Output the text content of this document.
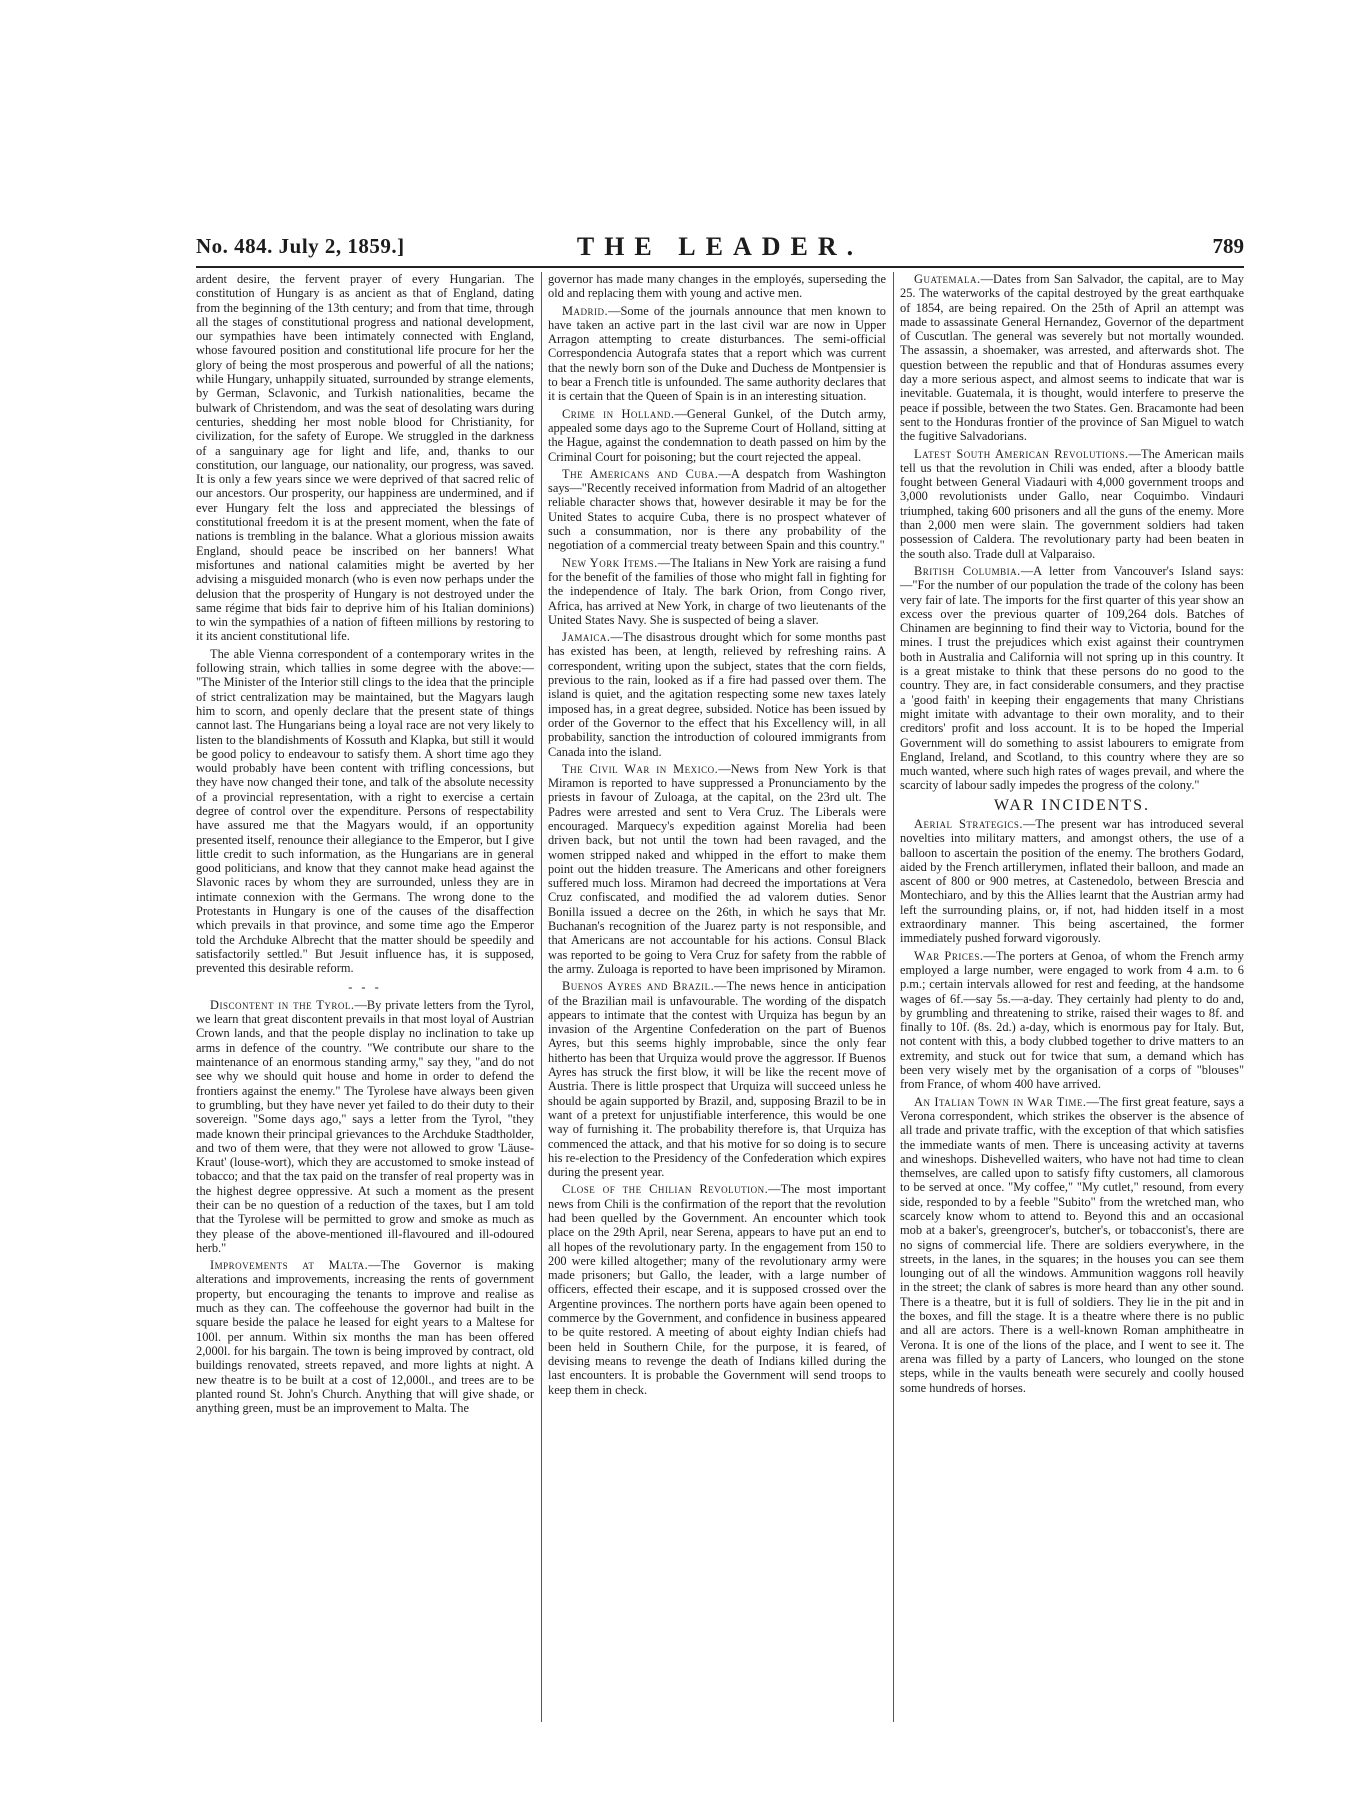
No. 484. July 2, 1859.]	THE LEADER.	789

ardent desire, the fervent prayer of every Hungarian. The constitution of Hungary is as ancient as that of England, dating from the beginning of the 13th century; and from that time, through all the stages of constitutional progress and national development, our sympathies have been intimately connected with England, whose favoured position and constitutional life procure for her the glory of being the most prosperous and powerful of all the nations; while Hungary, unhappily situated, surrounded by strange elements, by German, Sclavonic, and Turkish nationalities, became the bulwark of Christendom, and was the seat of desolating wars during centuries, shedding her most noble blood for Christianity, for civilization, for the safety of Europe. We struggled in the darkness of a sanguinary age for light and life, and, thanks to our constitution, our language, our nationality, our progress, was saved. It is only a few years since we were deprived of that sacred relic of our ancestors. Our prosperity, our happiness are undermined, and if ever Hungary felt the loss and appreciated the blessings of constitutional freedom it is at the present moment, when the fate of nations is trembling in the balance. What a glorious mission awaits England, should peace be inscribed on her banners! What misfortunes and national calamities might be averted by her advising a misguided monarch (who is even now perhaps under the delusion that the prosperity of Hungary is not destroyed under the same régime that bids fair to deprive him of his Italian dominions) to win the sympathies of a nation of fifteen millions by restoring to it its ancient constitutional life.

The able Vienna correspondent of a contemporary writes in the following strain, which tallies in some degree with the above:— "The Minister of the Interior still clings to the idea that the principle of strict centralization may be maintained, but the Magyars laugh him to scorn, and openly declare that the present state of things cannot last. The Hungarians being a loyal race are not very likely to listen to the blandishments of Kossuth and Klapka, but still it would be good policy to endeavour to satisfy them. A short time ago they would probably have been content with trifling concessions, but they have now changed their tone, and talk of the absolute necessity of a provincial representation, with a right to exercise a certain degree of control over the expenditure. Persons of respectability have assured me that the Magyars would, if an opportunity presented itself, renounce their allegiance to the Emperor, but I give little credit to such information, as the Hungarians are in general good politicians, and know that they cannot make head against the Slavonic races by whom they are surrounded, unless they are in intimate connexion with the Germans. The wrong done to the Protestants in Hungary is one of the causes of the disaffection which prevails in that province, and some time ago the Emperor told the Archduke Albrecht that the matter should be speedily and satisfactorily settled." But Jesuit influence has, it is supposed, prevented this desirable reform.

- - -

Discontent in the Tyrol.—By private letters from the Tyrol, we learn that great discontent prevails in that most loyal of Austrian Crown lands, and that the people display no inclination to take up arms in defence of the country. "We contribute our share to the maintenance of an enormous standing army," say they, "and do not see why we should quit house and home in order to defend the frontiers against the enemy." The Tyrolese have always been given to grumbling, but they have never yet failed to do their duty to their sovereign. "Some days ago," says a letter from the Tyrol, "they made known their principal grievances to the Archduke Stadtholder, and two of them were, that they were not allowed to grow 'Läuse-Kraut' (louse-wort), which they are accustomed to smoke instead of tobacco; and that the tax paid on the transfer of real property was in the highest degree oppressive. At such a moment as the present their can be no question of a reduction of the taxes, but I am told that the Tyrolese will be permitted to grow and smoke as much as they please of the above-mentioned ill-flavoured and ill-odoured herb."

Improvements at Malta.—The Governor is making alterations and improvements, increasing the rents of government property, but encouraging the tenants to improve and realise as much as they can. The coffeehouse the governor had built in the square beside the palace he leased for eight years to a Maltese for 100l. per annum. Within six months the man has been offered 2,000l. for his bargain. The town is being improved by contract, old buildings renovated, streets repaved, and more lights at night. A new theatre is to be built at a cost of 12,000l., and trees are to be planted round St. John's Church. Anything that will give shade, or anything green, must be an improvement to Malta. The

governor has made many changes in the employés, superseding the old and replacing them with young and active men.

Madrid.—Some of the journals announce that men known to have taken an active part in the last civil war are now in Upper Arragon attempting to create disturbances. The semi-official Correspondencia Autografa states that a report which was current that the newly born son of the Duke and Duchess de Montpensier is to bear a French title is unfounded. The same authority declares that it is certain that the Queen of Spain is in an interesting situation.

Crime in Holland.—General Gunkel, of the Dutch army, appealed some days ago to the Supreme Court of Holland, sitting at the Hague, against the condemnation to death passed on him by the Criminal Court for poisoning; but the court rejected the appeal.

The Americans and Cuba.—A despatch from Washington says—"Recently received information from Madrid of an altogether reliable character shows that, however desirable it may be for the United States to acquire Cuba, there is no prospect whatever of such a consummation, nor is there any probability of the negotiation of a commercial treaty between Spain and this country."

New York Items.—The Italians in New York are raising a fund for the benefit of the families of those who might fall in fighting for the independence of Italy. The bark Orion, from Congo river, Africa, has arrived at New York, in charge of two lieutenants of the United States Navy. She is suspected of being a slaver.

Jamaica.—The disastrous drought which for some months past has existed has been, at length, relieved by refreshing rains. A correspondent, writing upon the subject, states that the corn fields, previous to the rain, looked as if a fire had passed over them. The island is quiet, and the agitation respecting some new taxes lately imposed has, in a great degree, subsided. Notice has been issued by order of the Governor to the effect that his Excellency will, in all probability, sanction the introduction of coloured immigrants from Canada into the island.

The Civil War in Mexico.—News from New York is that Miramon is reported to have suppressed a Pronunciamento by the priests in favour of Zuloaga, at the capital, on the 23rd ult. The Padres were arrested and sent to Vera Cruz. The Liberals were encouraged. Marquecy's expedition against Morelia had been driven back, but not until the town had been ravaged, and the women stripped naked and whipped in the effort to make them point out the hidden treasure. The Americans and other foreigners suffered much loss. Miramon had decreed the importations at Vera Cruz confiscated, and modified the ad valorem duties. Senor Bonilla issued a decree on the 26th, in which he says that Mr. Buchanan's recognition of the Juarez party is not responsible, and that Americans are not accountable for his actions. Consul Black was reported to be going to Vera Cruz for safety from the rabble of the army. Zuloaga is reported to have been imprisoned by Miramon.

Buenos Ayres and Brazil.—The news hence in anticipation of the Brazilian mail is unfavourable. The wording of the dispatch appears to intimate that the contest with Urquiza has begun by an invasion of the Argentine Confederation on the part of Buenos Ayres, but this seems highly improbable, since the only fear hitherto has been that Urquiza would prove the aggressor. If Buenos Ayres has struck the first blow, it will be like the recent move of Austria. There is little prospect that Urquiza will succeed unless he should be again supported by Brazil, and, supposing Brazil to be in want of a pretext for unjustifiable interference, this would be one way of furnishing it. The probability therefore is, that Urquiza has commenced the attack, and that his motive for so doing is to secure his re-election to the Presidency of the Confederation which expires during the present year.

Close of the Chilian Revolution.—The most important news from Chili is the confirmation of the report that the revolution had been quelled by the Government. An encounter which took place on the 29th April, near Serena, appears to have put an end to all hopes of the revolutionary party. In the engagement from 150 to 200 were killed altogether; many of the revolutionary army were made prisoners; but Gallo, the leader, with a large number of officers, effected their escape, and it is supposed crossed over the Argentine provinces. The northern ports have again been opened to commerce by the Government, and confidence in business appeared to be quite restored. A meeting of about eighty Indian chiefs had been held in Southern Chile, for the purpose, it is feared, of devising means to revenge the death of Indians killed during the last encounters. It is probable the Government will send troops to keep them in check.

Guatemala.—Dates from San Salvador, the capital, are to May 25. The waterworks of the capital destroyed by the great earthquake of 1854, are being repaired. On the 25th of April an attempt was made to assassinate General Hernandez, Governor of the department of Cuscutlan. The general was severely but not mortally wounded. The assassin, a shoemaker, was arrested, and afterwards shot. The question between the republic and that of Honduras assumes every day a more serious aspect, and almost seems to indicate that war is inevitable. Guatemala, it is thought, would interfere to preserve the peace if possible, between the two States. Gen. Bracamonte had been sent to the Honduras frontier of the province of San Miguel to watch the fugitive Salvadorians.

Latest South American Revolutions.—The American mails tell us that the revolution in Chili was ended, after a bloody battle fought between General Viadauri with 4,000 government troops and 3,000 revolutionists under Gallo, near Coquimbo. Vindauri triumphed, taking 600 prisoners and all the guns of the enemy. More than 2,000 men were slain. The government soldiers had taken possession of Caldera. The revolutionary party had been beaten in the south also. Trade dull at Valparaiso.

British Columbia.—A letter from Vancouver's Island says:—"For the number of our population the trade of the colony has been very fair of late. The imports for the first quarter of this year show an excess over the previous quarter of 109,264 dols. Batches of Chinamen are beginning to find their way to Victoria, bound for the mines. I trust the prejudices which exist against their countrymen both in Australia and California will not spring up in this country. It is a great mistake to think that these persons do no good to the country. They are, in fact considerable consumers, and they practise a 'good faith' in keeping their engagements that many Christians might imitate with advantage to their own morality, and to their creditors' profit and loss account. It is to be hoped the Imperial Government will do something to assist labourers to emigrate from England, Ireland, and Scotland, to this country where they are so much wanted, where such high rates of wages prevail, and where the scarcity of labour sadly impedes the progress of the colony."

WAR INCIDENTS.

Aerial Strategics.—The present war has introduced several novelties into military matters, and amongst others, the use of a balloon to ascertain the position of the enemy. The brothers Godard, aided by the French artillerymen, inflated their balloon, and made an ascent of 800 or 900 metres, at Castenedolo, between Brescia and Montechiaro, and by this the Allies learnt that the Austrian army had left the surrounding plains, or, if not, had hidden itself in a most extraordinary manner. This being ascertained, the former immediately pushed forward vigorously.

War Prices.—The porters at Genoa, of whom the French army employed a large number, were engaged to work from 4 a.m. to 6 p.m.; certain intervals allowed for rest and feeding, at the handsome wages of 6f.—say 5s.—a-day. They certainly had plenty to do and, by grumbling and threatening to strike, raised their wages to 8f. and finally to 10f. (8s. 2d.) a-day, which is enormous pay for Italy. But, not content with this, a body clubbed together to drive matters to an extremity, and stuck out for twice that sum, a demand which has been very wisely met by the organisation of a corps of "blouses" from France, of whom 400 have arrived.

An Italian Town in War Time.—The first great feature, says a Verona correspondent, which strikes the observer is the absence of all trade and private traffic, with the exception of that which satisfies the immediate wants of men. There is unceasing activity at taverns and wineshops. Dishevelled waiters, who have not had time to clean themselves, are called upon to satisfy fifty customers, all clamorous to be served at once. "My coffee," "My cutlet," resound, from every side, responded to by a feeble "Subito" from the wretched man, who scarcely know whom to attend to. Beyond this and an occasional mob at a baker's, greengrocer's, butcher's, or tobacconist's, there are no signs of commercial life. There are soldiers everywhere, in the streets, in the lanes, in the squares; in the houses you can see them lounging out of all the windows. Ammunition waggons roll heavily in the street; the clank of sabres is more heard than any other sound. There is a theatre, but it is full of soldiers. They lie in the pit and in the boxes, and fill the stage. It is a theatre where there is no public and all are actors. There is a well-known Roman amphitheatre in Verona. It is one of the lions of the place, and I went to see it. The arena was filled by a party of Lancers, who lounged on the stone steps, while in the vaults beneath were securely and coolly housed some hundreds of horses.
